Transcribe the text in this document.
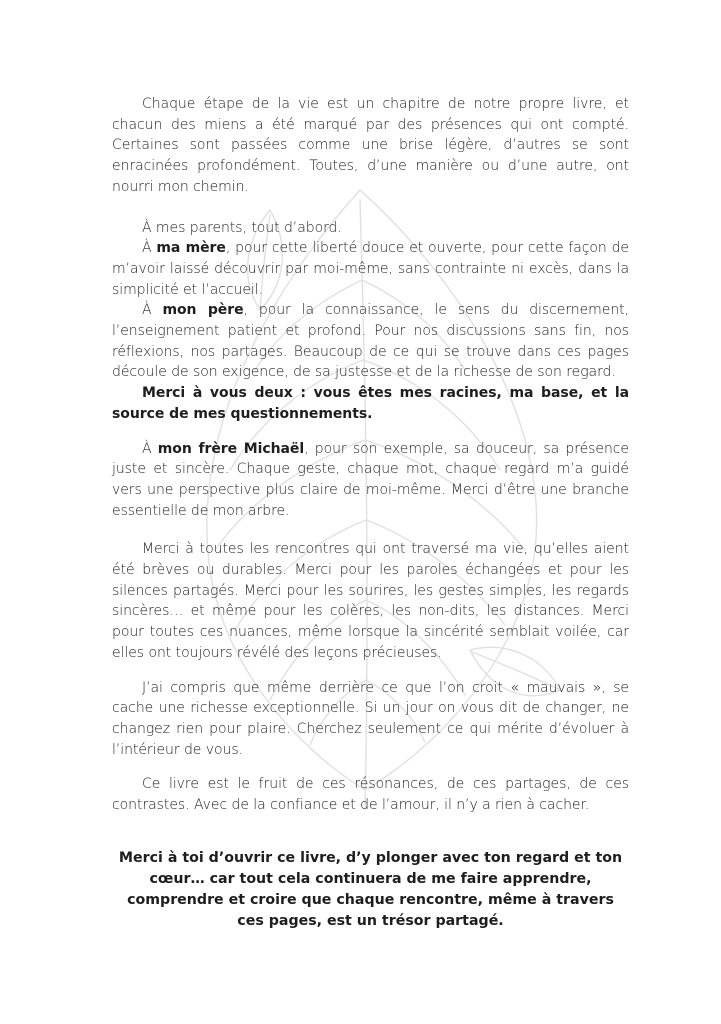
Chaque étape de la vie est un chapitre de notre propre livre, et chacun des miens a été marqué par des présences qui ont compté. Certaines sont passées comme une brise légère, d’autres se sont enracinées profondément. Toutes, d’une manière ou d’une autre, ont nourri mon chemin.

À mes parents, tout d’abord.

À ma mère, pour cette liberté douce et ouverte, pour cette façon de m’avoir laissé découvrir par moi-même, sans contrainte ni excès, dans la simplicité et l’accueil.

À mon père, pour la connaissance, le sens du discernement, l’enseignement patient et profond. Pour nos discussions sans fin, nos réflexions, nos partages. Beaucoup de ce qui se trouve dans ces pages découle de son exigence, de sa justesse et de la richesse de son regard.

Merci à vous deux : vous êtes mes racines, ma base, et la source de mes questionnements.

À mon frère Michaël, pour son exemple, sa douceur, sa présence juste et sincère. Chaque geste, chaque mot, chaque regard m’a guidé vers une perspective plus claire de moi-même. Merci d’être une branche essentielle de mon arbre.

Merci à toutes les rencontres qui ont traversé ma vie, qu’elles aient été brèves ou durables. Merci pour les paroles échangées et pour les silences partagés. Merci pour les sourires, les gestes simples, les regards sincères… et même pour les colères, les non-dits, les distances. Merci pour toutes ces nuances, même lorsque la sincérité semblait voilée, car elles ont toujours révélé des leçons précieuses.

J’ai compris que même derrière ce que l’on croit « mauvais », se cache une richesse exceptionnelle. Si un jour on vous dit de changer, ne changez rien pour plaire. Cherchez seulement ce qui mérite d’évoluer à l’intérieur de vous.

Ce livre est le fruit de ces résonances, de ces partages, de ces contrastes. Avec de la confiance et de l’amour, il n’y a rien à cacher.

Merci à toi d’ouvrir ce livre, d’y plonger avec ton regard et ton cœur… car tout cela continuera de me faire apprendre, comprendre et croire que chaque rencontre, même à travers ces pages, est un trésor partagé.
